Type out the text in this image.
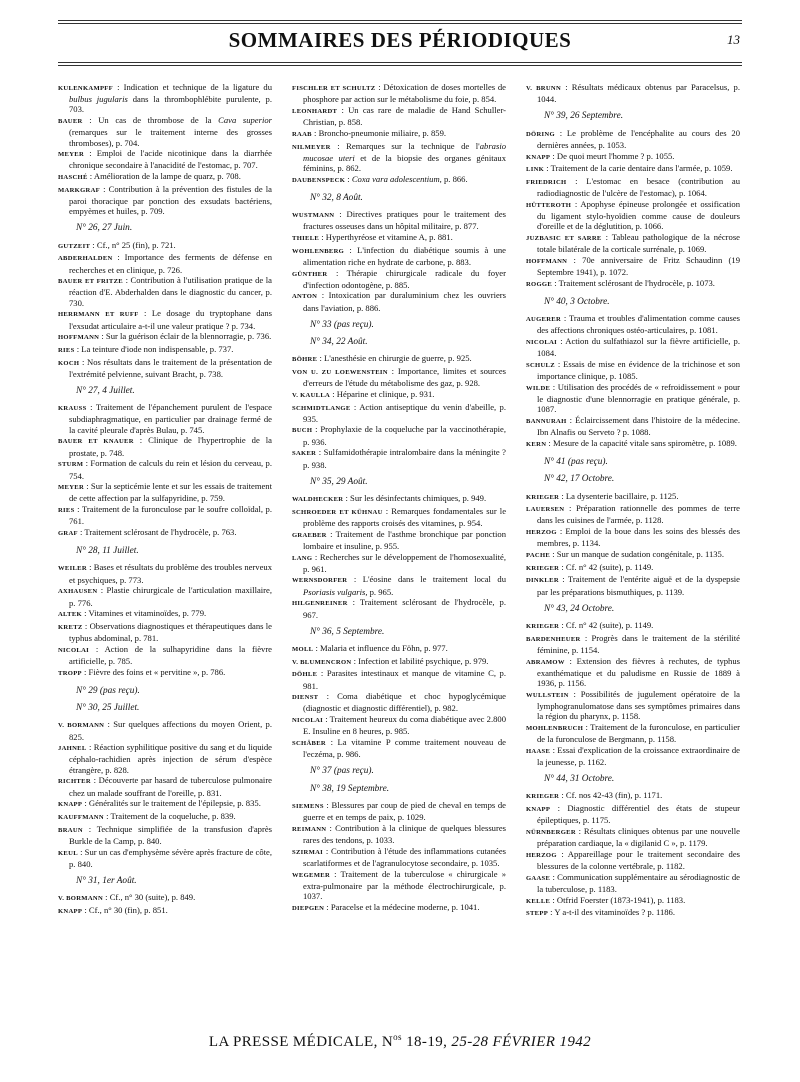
SOMMAIRES DES PÉRIODIQUES	13

KULENKAMPFF : Indication et technique de la ligature du bulbus jugularis dans la thrombophlébite purulente, p. 703.

BAUER : Un cas de thrombose de la Cava superior (remarques sur le traitement interne des grosses thromboses), p. 704.

MEYER : Emploi de l'acide nicotinique dans la diarrhée chronique secondaire à l'anacidité de l'estomac, p. 707.

HASCHÉ : Amélioration de la lampe de quarz, p. 708.

MARKGRAF : Contribution à la prévention des fistules de la paroi thoracique par ponction des exsudats bactériens, empyèmes et huiles, p. 709.

N° 26, 27 Juin.

GUTZEIT : Cf., n° 25 (fin), p. 721.

ABDERHALDEN : Importance des ferments de défense en recherches et en clinique, p. 726.

BAUER ET FRITZE : Contribution à l'utilisation pratique de la réaction d'E. Abderhalden dans le diagnostic du cancer, p. 730.

HERRMANN ET RUFF : Le dosage du tryptophane dans l'exsudat articulaire a-t-il une valeur pratique ? p. 734.

HOFFMANN : Sur la guérison éclair de la blennorragie, p. 736.

RIES : La teinture d'iode non indispensable, p. 737.

KOCH : Nos résultats dans le traitement de la présentation de l'extrémité pelvienne, suivant Bracht, p. 738.

N° 27, 4 Juillet.

KRAUSS : Traitement de l'épanchement purulent de l'espace subdiaphragmatique, en particulier par drainage fermé de la cavité pleurale d'après Bulau, p. 745.

BAUER ET KNAUER : Clinique de l'hypertrophie de la prostate, p. 748.

STURM : Formation de calculs du rein et lésion du cerveau, p. 754.

MEYER : Sur la septicémie lente et sur les essais de traitement de cette affection par la sulfapyridine, p. 759.

RIES : Traitement de la furonculose par le soufre colloïdal, p. 761.

GRAF : Traitement sclérosant de l'hydrocèle, p. 763.

N° 28, 11 Juillet.

WEILER : Bases et résultats du problème des troubles nerveux et psychiques, p. 773.

AXHAUSEN : Plastie chirurgicale de l'articulation maxillaire, p. 776.

ALTEK : Vitamines et vitaminoïdes, p. 779.

KRETZ : Observations diagnostiques et thérapeutiques dans le typhus abdominal, p. 781.

NICOLAI : Action de la sulhapyridine dans la fièvre artificielle, p. 785.

TROPP : Fièvre des foins et « pervitine », p. 786.

N° 29 (pas reçu).

N° 30, 25 Juillet.

V. BORMANN : Sur quelques affections du moyen Orient, p. 825.

JAHNEL : Réaction syphilitique positive du sang et du liquide céphalo-rachidien après injection de sérum d'espèce étrangère, p. 828.

RICHTER : Découverte par hasard de tuberculose pulmonaire chez un malade souffrant de l'oreille, p. 831.

KNAPP : Généralités sur le traitement de l'épilepsie, p. 835.

KAUFFMANN : Traitement de la coqueluche, p. 839.

BRAUN : Technique simplifiée de la transfusion d'après Burkle de la Camp, p. 840.

KEUL : Sur un cas d'emphysème sévère après fracture de côte, p. 840.

N° 31, 1er Août.

V. BORMANN : Cf., n° 30 (suite), p. 849.

KNAPP : Cf., n° 30 (fin), p. 851.

FISCHLER ET SCHULTZ : Détoxication de doses mortelles de phosphore par action sur le métabolisme du foie, p. 854.

LEONHARDT : Un cas rare de maladie de Hand Schuller-Christian, p. 858.

RAAB : Broncho-pneumonie miliaire, p. 859.

NILMEYER : Remarques sur la technique de l'abrasio mucosae uteri et de la biopsie des organes génitaux féminins, p. 862.

DAUBENSPECK : Coxa vara adolescentium, p. 866.

N° 32, 8 Août.

WUSTMANN : Directives pratiques pour le traitement des fractures osseuses dans un hôpital militaire, p. 877.

THIELE : Hyperthyréose et vitamine A, p. 881.

WOHLENBERG : L'infection du diabétique soumis à une alimentation riche en hydrate de carbone, p. 883.

GÜNTHER : Thérapie chirurgicale radicale du foyer d'infection odontogène, p. 885.

ANTON : Intoxication par duraluminium chez les ouvriers dans l'aviation, p. 886.

N° 33 (pas reçu).

N° 34, 22 Août.

BÖHRE : L'anesthésie en chirurgie de guerre, p. 925.

VON U. ZU LOEWENSTEIN : Importance, limites et sources d'erreurs de l'étude du métabolisme des gaz, p. 928.

V. KAULLA : Héparine et clinique, p. 931.

SCHMIDTLANGE : Action antiseptique du venin d'abeille, p. 935.

BUCH : Prophylaxie de la coqueluche par la vaccinothérapie, p. 936.

SAKER : Sulfamidothérapie intralombaire dans la méningite ? p. 938.

N° 35, 29 Août.

WALDHECKER : Sur les désinfectants chimiques, p. 949.

SCHROEDER ET KÜHNAU : Remarques fondamentales sur le problème des rapports croisés des vitamines, p. 954.

GRAEBER : Traitement de l'asthme bronchique par ponction lombaire et insuline, p. 955.

LANG : Recherches sur le développement de l'homosexualité, p. 961.

WERNSDORFER : L'éosine dans le traitement local du Psoriasis vulgaris, p. 965.

HILGENREINER : Traitement sclérosant de l'hydrocèle, p. 967.

N° 36, 5 Septembre.

MOLL : Malaria et influence du Föhn, p. 977.

V. BLUMENCRON : Infection et labilité psychique, p. 979.

DÖHLE : Parasites intestinaux et manque de vitamine C, p. 981.

DIENST : Coma diabétique et choc hypoglycémique (diagnostic et diagnostic différentiel), p. 982.

NICOLAI : Traitement heureux du coma diabétique avec 2.800 E. Insuline en 8 heures, p. 985.

SCHÄBER : La vitamine P comme traitement nouveau de l'eczéma, p. 986.

N° 37 (pas reçu).

N° 38, 19 Septembre.

SIEMENS : Blessures par coup de pied de cheval en temps de guerre et en temps de paix, p. 1029.

REIMANN : Contribution à la clinique de quelques blessures rares des tendons, p. 1033.

SZIRMAI : Contribution à l'étude des inflammations cutanées scarlatiformes et de l'agranulocytose secondaire, p. 1035.

WEGEMER : Traitement de la tuberculose « chirurgicale » extra-pulmonaire par la méthode électrochirurgicale, p. 1037.

DIEPGEN : Paracelse et la médecine moderne, p. 1041.

V. BRUNN : Résultats médicaux obtenus par Paracelsus, p. 1044.

N° 39, 26 Septembre.

DÖRING : Le problème de l'encéphalite au cours des 20 dernières années, p. 1053.

KNAPP : De quoi meurt l'homme ? p. 1055.

LINK : Traitement de la carie dentaire dans l'armée, p. 1059.

FRIEDRICH : L'estomac en besace (contribution au radiodiagnostic de l'ulcère de l'estomac), p. 1064.

HÜTTEROTH : Apophyse épineuse prolongée et ossification du ligament stylo-hyoïdien comme cause de douleurs d'oreille et de la déglutition, p. 1066.

JUZBASIC ET SARRE : Tableau pathologique de la nécrose totale bilatérale de la corticale surrénale, p. 1069.

HOFFMANN : 70e anniversaire de Fritz Schaudinn (19 Septembre 1941), p. 1072.

ROGGE : Traitement sclérosant de l'hydrocèle, p. 1073.

N° 40, 3 Octobre.

AUGERER : Trauma et troubles d'alimentation comme causes des affections chroniques ostéo-articulaires, p. 1081.

NICOLAI : Action du sulfathiazol sur la fièvre artificielle, p. 1084.

SCHULZ : Essais de mise en évidence de la trichinose et son importance clinique, p. 1085.

WILDE : Utilisation des procédés de « refroidissement » pour le diagnostic d'une blennorragie en pratique générale, p. 1087.

BANNURAH : Éclaircissement dans l'histoire de la médecine. Ibn Alnafis ou Serveto ? p. 1088.

KERN : Mesure de la capacité vitale sans spiromètre, p. 1089.

N° 41 (pas reçu).

N° 42, 17 Octobre.

KRIEGER : La dysenterie bacillaire, p. 1125.

LAUERSEN : Préparation rationnelle des pommes de terre dans les cuisines de l'armée, p. 1128.

HERZOG : Emploi de la boue dans les soins des blessés des membres, p. 1134.

PACHE : Sur un manque de sudation congénitale, p. 1135.

KRIEGER : Cf. n° 42 (suite), p. 1149.

DINKLER : Traitement de l'entérite aiguë et de la dyspepsie par les préparations bismuthiques, p. 1139.

N° 43, 24 Octobre.

KRIEGER : Cf. n° 42 (suite), p. 1149.

BARDENHEUER : Progrès dans le traitement de la stérilité féminine, p. 1154.

ABRAMOW : Extension des fièvres à rechutes, de typhus exanthématique et du paludisme en Russie de 1889 à 1936, p. 1156.

WULLSTEIN : Possibilités de jugulement opératoire de la lymphogranulomatose dans ses symptômes primaires dans la région du pharynx, p. 1158.

MOHLENBRUCH : Traitement de la furonculose, en particulier de la furonculose de Bergmann, p. 1158.

HAASE : Essai d'explication de la croissance extraordinaire de la jeunesse, p. 1162.

N° 44, 31 Octobre.

KRIEGER : Cf. nos 42-43 (fin), p. 1171.

KNAPP : Diagnostic différentiel des états de stupeur épileptiques, p. 1175.

NÜRNBERGER : Résultats cliniques obtenus par une nouvelle préparation cardiaque, la « digilanid C », p. 1179.

HERZOG : Appareillage pour le traitement secondaire des blessures de la colonne vertébrale, p. 1182.

GAASE : Communication supplémentaire au sérodiagnostic de la tuberculose, p. 1183.

KELLE : Otfrid Foerster (1873-1941), p. 1183.

STEPP : Y a-t-il des vitaminoïdes ? p. 1186.

LA PRESSE MÉDICALE, $N^{os}$ 18-19, 25-28 FÉVRIER 1942
